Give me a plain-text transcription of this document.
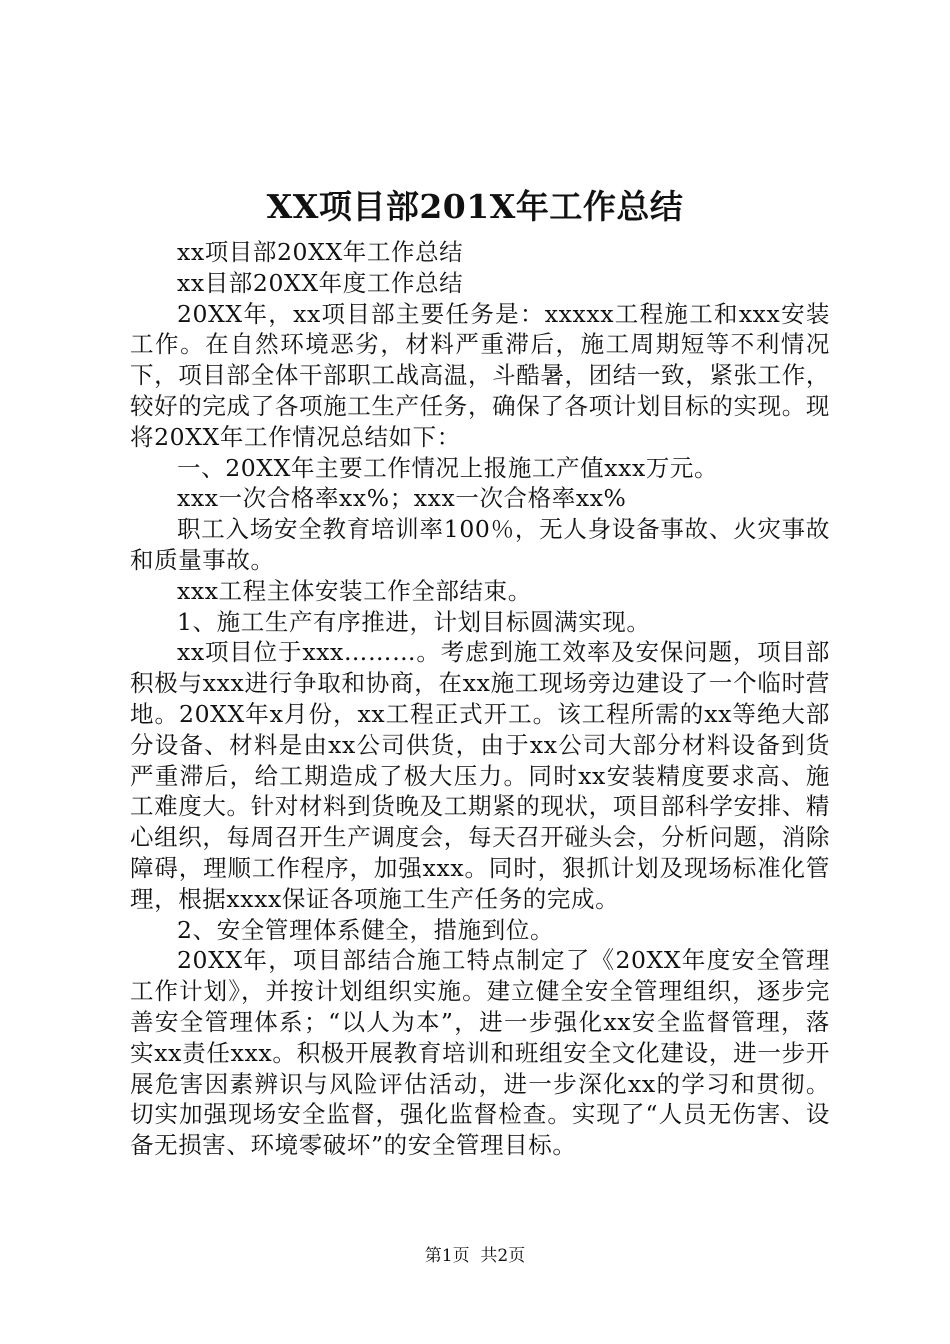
XX项目部201X年工作总结

xx项目部20XX年工作总结

xx目部20XX年度工作总结

20XX年，xx项目部主要任务是：xxxxx工程施工和xxx安装工作。在自然环境恶劣，材料严重滞后，施工周期短等不利情况下，项目部全体干部职工战高温，斗酷暑，团结一致，紧张工作，较好的完成了各项施工生产任务，确保了各项计划目标的实现。现将20XX年工作情况总结如下：

一、20XX年主要工作情况上报施工产值xxx万元。

xxx一次合格率xx%；xxx一次合格率xx%

职工入场安全教育培训率100％，无人身设备事故、火灾事故和质量事故。

xxx工程主体安装工作全部结束。

1、施工生产有序推进，计划目标圆满实现。

xx项目位于xxx………。考虑到施工效率及安保问题，项目部积极与xxx进行争取和协商，在xx施工现场旁边建设了一个临时营地。20XX年x月份，xx工程正式开工。该工程所需的xx等绝大部分设备、材料是由xx公司供货，由于xx公司大部分材料设备到货严重滞后，给工期造成了极大压力。同时xx安装精度要求高、施工难度大。针对材料到货晚及工期紧的现状，项目部科学安排、精心组织，每周召开生产调度会，每天召开碰头会，分析问题，消除障碍，理顺工作程序，加强xxx。同时，狠抓计划及现场标准化管理，根据xxxx保证各项施工生产任务的完成。

2、安全管理体系健全，措施到位。

20XX年，项目部结合施工特点制定了《20XX年度安全管理工作计划》，并按计划组织实施。建立健全安全管理组织，逐步完善安全管理体系；“以人为本”，进一步强化xx安全监督管理，落实xx责任xxx。积极开展教育培训和班组安全文化建设，进一步开展危害因素辨识与风险评估活动，进一步深化xx的学习和贯彻。切实加强现场安全监督，强化监督检查。实现了“人员无伤害、设备无损害、环境零破坏”的安全管理目标。

第1页 共2页
